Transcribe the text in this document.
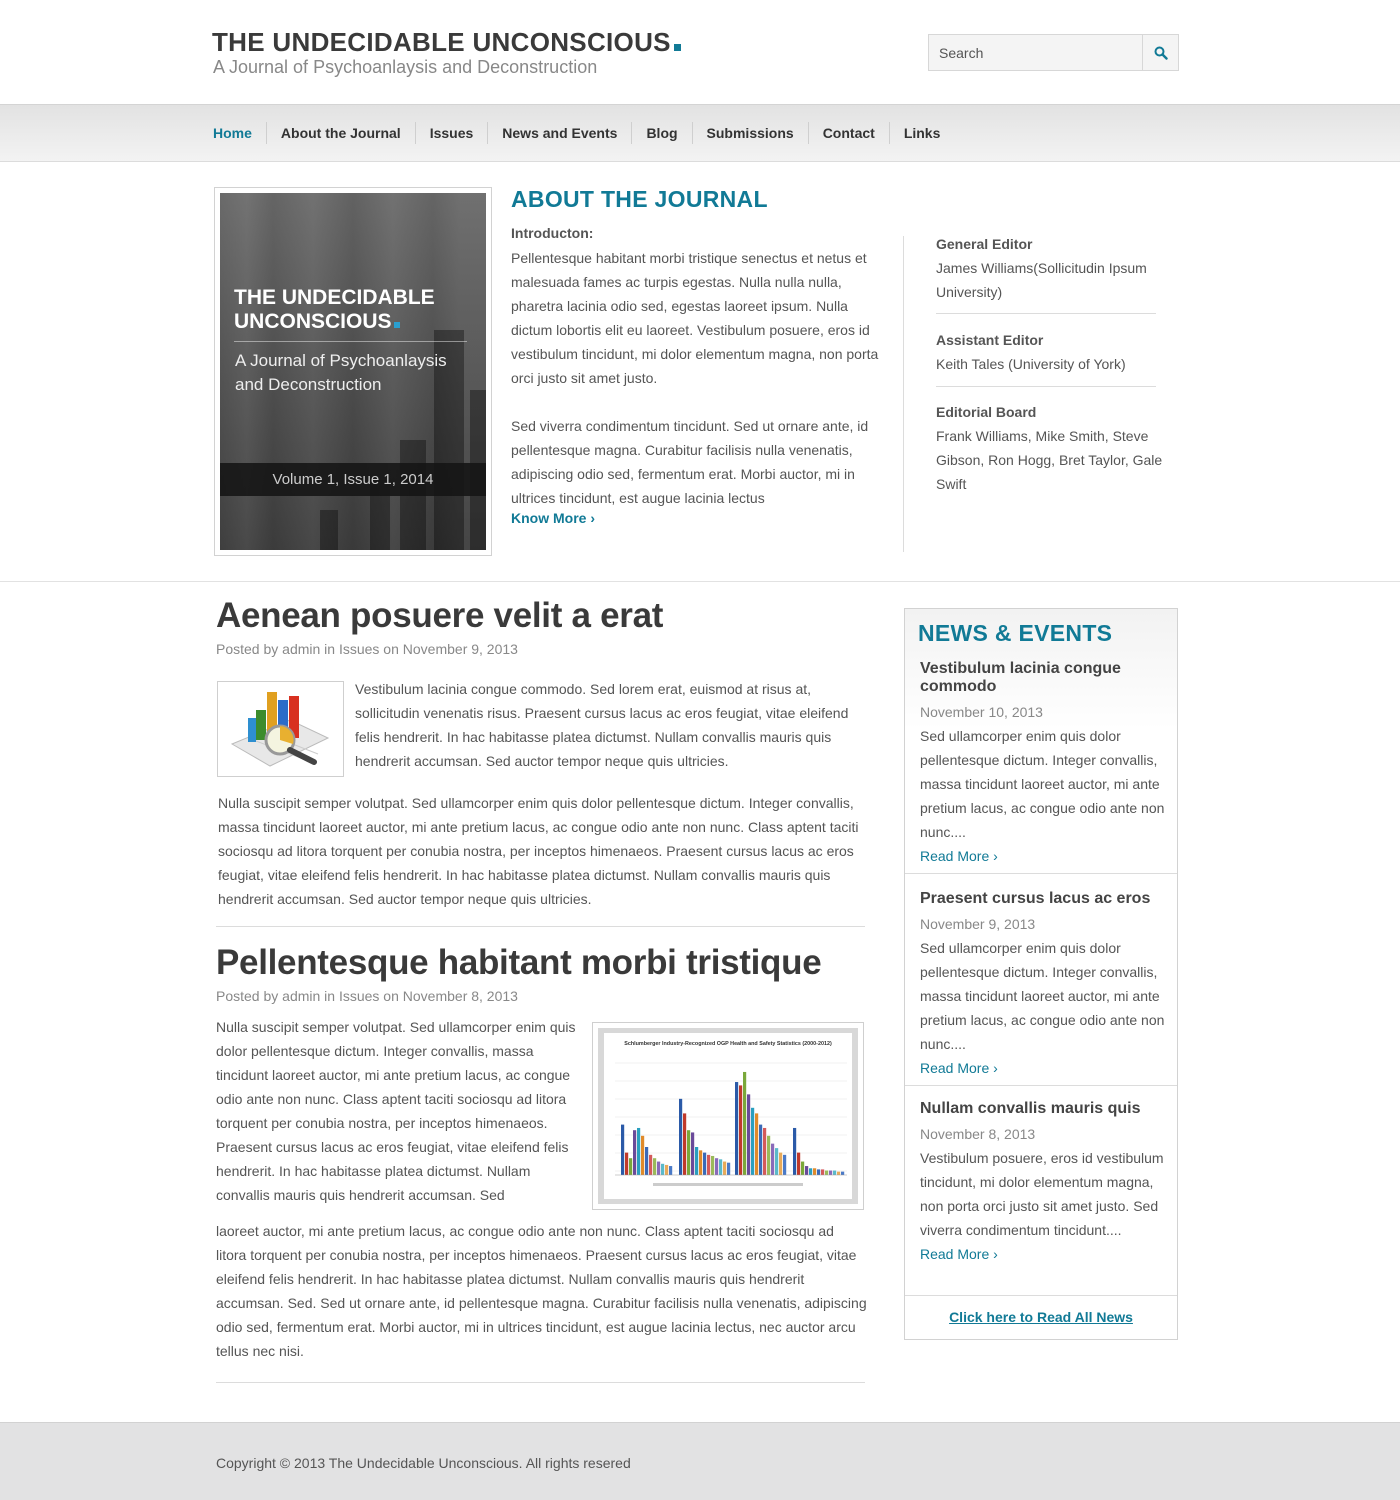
THE UNDECIDABLE UNCONSCIOUS
A Journal of Psychoanlaysis and Deconstruction
Search
Home	About the Journal	Issues	News and Events	Blog	Submissions	Contact	Links
THE UNDECIDABLE
UNCONSCIOUS
A Journal of Psychoanlaysis and Deconstruction
Volume 1, Issue 1, 2014
ABOUT THE JOURNAL
Introducton:
Pellentesque habitant morbi tristique senectus et netus et malesuada fames ac turpis egestas. Nulla nulla nulla, pharetra lacinia odio sed, egestas laoreet ipsum. Nulla dictum lobortis elit eu laoreet. Vestibulum posuere, eros id vestibulum tincidunt, mi dolor elementum magna, non porta orci justo sit amet justo.
Sed viverra condimentum tincidunt. Sed ut ornare ante, id pellentesque magna. Curabitur facilisis nulla venenatis, adipiscing odio sed, fermentum erat. Morbi auctor, mi in ultrices tincidunt, est augue lacinia lectus
Know More ›
General Editor
James Williams(Sollicitudin Ipsum University)
Assistant Editor
Keith Tales (University of York)
Editorial Board
Frank Williams, Mike Smith, Steve Gibson, Ron Hogg, Bret Taylor, Gale Swift
Aenean posuere velit a erat
Posted by admin in Issues on November 9, 2013
Vestibulum lacinia congue commodo. Sed lorem erat, euismod at risus at, sollicitudin venenatis risus. Praesent cursus lacus ac eros feugiat, vitae eleifend felis hendrerit. In hac habitasse platea dictumst. Nullam convallis mauris quis hendrerit accumsan. Sed auctor tempor neque quis ultricies.
Nulla suscipit semper volutpat. Sed ullamcorper enim quis dolor pellentesque dictum. Integer convallis, massa tincidunt laoreet auctor, mi ante pretium lacus, ac congue odio ante non nunc. Class aptent taciti sociosqu ad litora torquent per conubia nostra, per inceptos himenaeos. Praesent cursus lacus ac eros feugiat, vitae eleifend felis hendrerit. In hac habitasse platea dictumst. Nullam convallis mauris quis hendrerit accumsan. Sed auctor tempor neque quis ultricies.
Pellentesque habitant morbi tristique
Posted by admin in Issues on November 8, 2013
Nulla suscipit semper volutpat. Sed ullamcorper enim quis dolor pellentesque dictum. Integer convallis, massa tincidunt laoreet auctor, mi ante pretium lacus, ac congue odio ante non nunc. Class aptent taciti sociosqu ad litora torquent per conubia nostra, per inceptos himenaeos. Praesent cursus lacus ac eros feugiat, vitae eleifend felis hendrerit. In hac habitasse platea dictumst. Nullam convallis mauris quis hendrerit accumsan. Sed
Schlumberger Industry-Recognized OGP Health and Safety Statistics (2000-2012)
laoreet auctor, mi ante pretium lacus, ac congue odio ante non nunc. Class aptent taciti sociosqu ad litora torquent per conubia nostra, per inceptos himenaeos. Praesent cursus lacus ac eros feugiat, vitae eleifend felis hendrerit. In hac habitasse platea dictumst. Nullam convallis mauris quis hendrerit accumsan. Sed. Sed ut ornare ante, id pellentesque magna. Curabitur facilisis nulla venenatis, adipiscing odio sed, fermentum erat. Morbi auctor, mi in ultrices tincidunt, est augue lacinia lectus, nec auctor arcu tellus nec nisi.
NEWS & EVENTS
Vestibulum lacinia congue commodo
November 10, 2013
Sed ullamcorper enim quis dolor pellentesque dictum. Integer convallis, massa tincidunt laoreet auctor, mi ante pretium lacus, ac congue odio ante non nunc....
Read More ›
Praesent cursus lacus ac eros
November 9, 2013
Sed ullamcorper enim quis dolor pellentesque dictum. Integer convallis, massa tincidunt laoreet auctor, mi ante pretium lacus, ac congue odio ante non nunc....
Read More ›
Nullam convallis mauris quis
November 8, 2013
Vestibulum posuere, eros id vestibulum tincidunt, mi dolor elementum magna, non porta orci justo sit amet justo. Sed viverra condimentum tincidunt....
Read More ›
Click here to Read All News
Copyright © 2013 The Undecidable Unconscious. All rights resered
